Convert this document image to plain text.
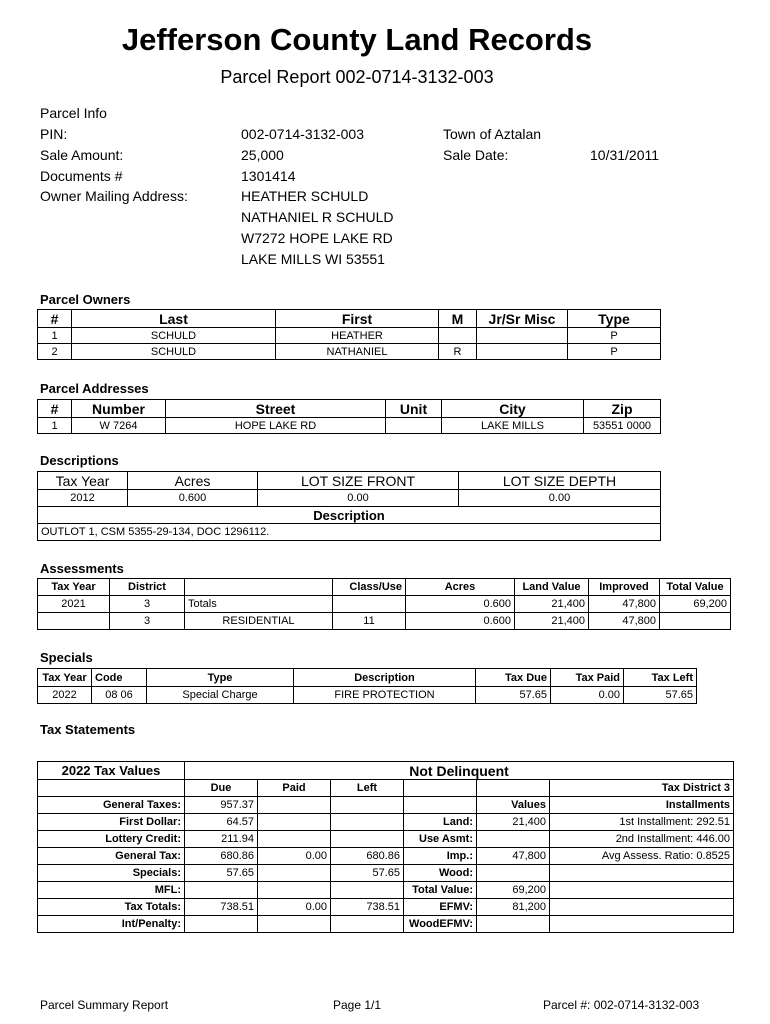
Jefferson County Land Records
Parcel Report 002-0714-3132-003
Parcel Info
PIN:	002-0714-3132-003	Town of Aztalan
Sale Amount:	25,000	Sale Date:	10/31/2011
Documents #	1301414
Owner Mailing Address:	HEATHER SCHULD
NATHANIEL R SCHULD
W7272 HOPE LAKE RD
LAKE MILLS WI 53551
Parcel Owners
#	Last	First	M	Jr/Sr Misc	Type
1	SCHULD	HEATHER			P
2	SCHULD	NATHANIEL	R		P
Parcel Addresses
#	Number	Street	Unit	City	Zip
1	W 7264	HOPE LAKE RD		LAKE MILLS	53551 0000
Descriptions
Tax Year	Acres	LOT SIZE FRONT	LOT SIZE DEPTH
2012	0.600	0.00	0.00
Description			
OUTLOT 1, CSM 5355-29-134, DOC 1296112.			
Assessments
Tax Year	District		Class/Use	Acres	Land Value	Improved	Total Value
2021	3	Totals		0.600	21,400	47,800	69,200
	3	RESIDENTIAL	11	0.600	21,400	47,800	
Specials
Tax Year	Code	Type	Description	Tax Due	Tax Paid	Tax Left
2022	08 06	Special Charge	FIRE PROTECTION	57.65	0.00	57.65
Tax Statements
2022 Tax Values	Not Delinquent					
	Due	Paid	Left			Tax District 3
General Taxes:	957.37				Values	Installments
First Dollar:	64.57			Land:	21,400	1st Installment: 292.51
Lottery Credit:	211.94			Use Asmt:		2nd Installment: 446.00
General Tax:	680.86	0.00	680.86	Imp.:	47,800	Avg Assess. Ratio: 0.8525
Specials:	57.65		57.65	Wood:		
MFL:				Total Value:	69,200	
Tax Totals:	738.51	0.00	738.51	EFMV:	81,200	
Int/Penalty:				WoodEFMV:		
Parcel Summary Report	Page 1/1	Parcel #: 002-0714-3132-003
